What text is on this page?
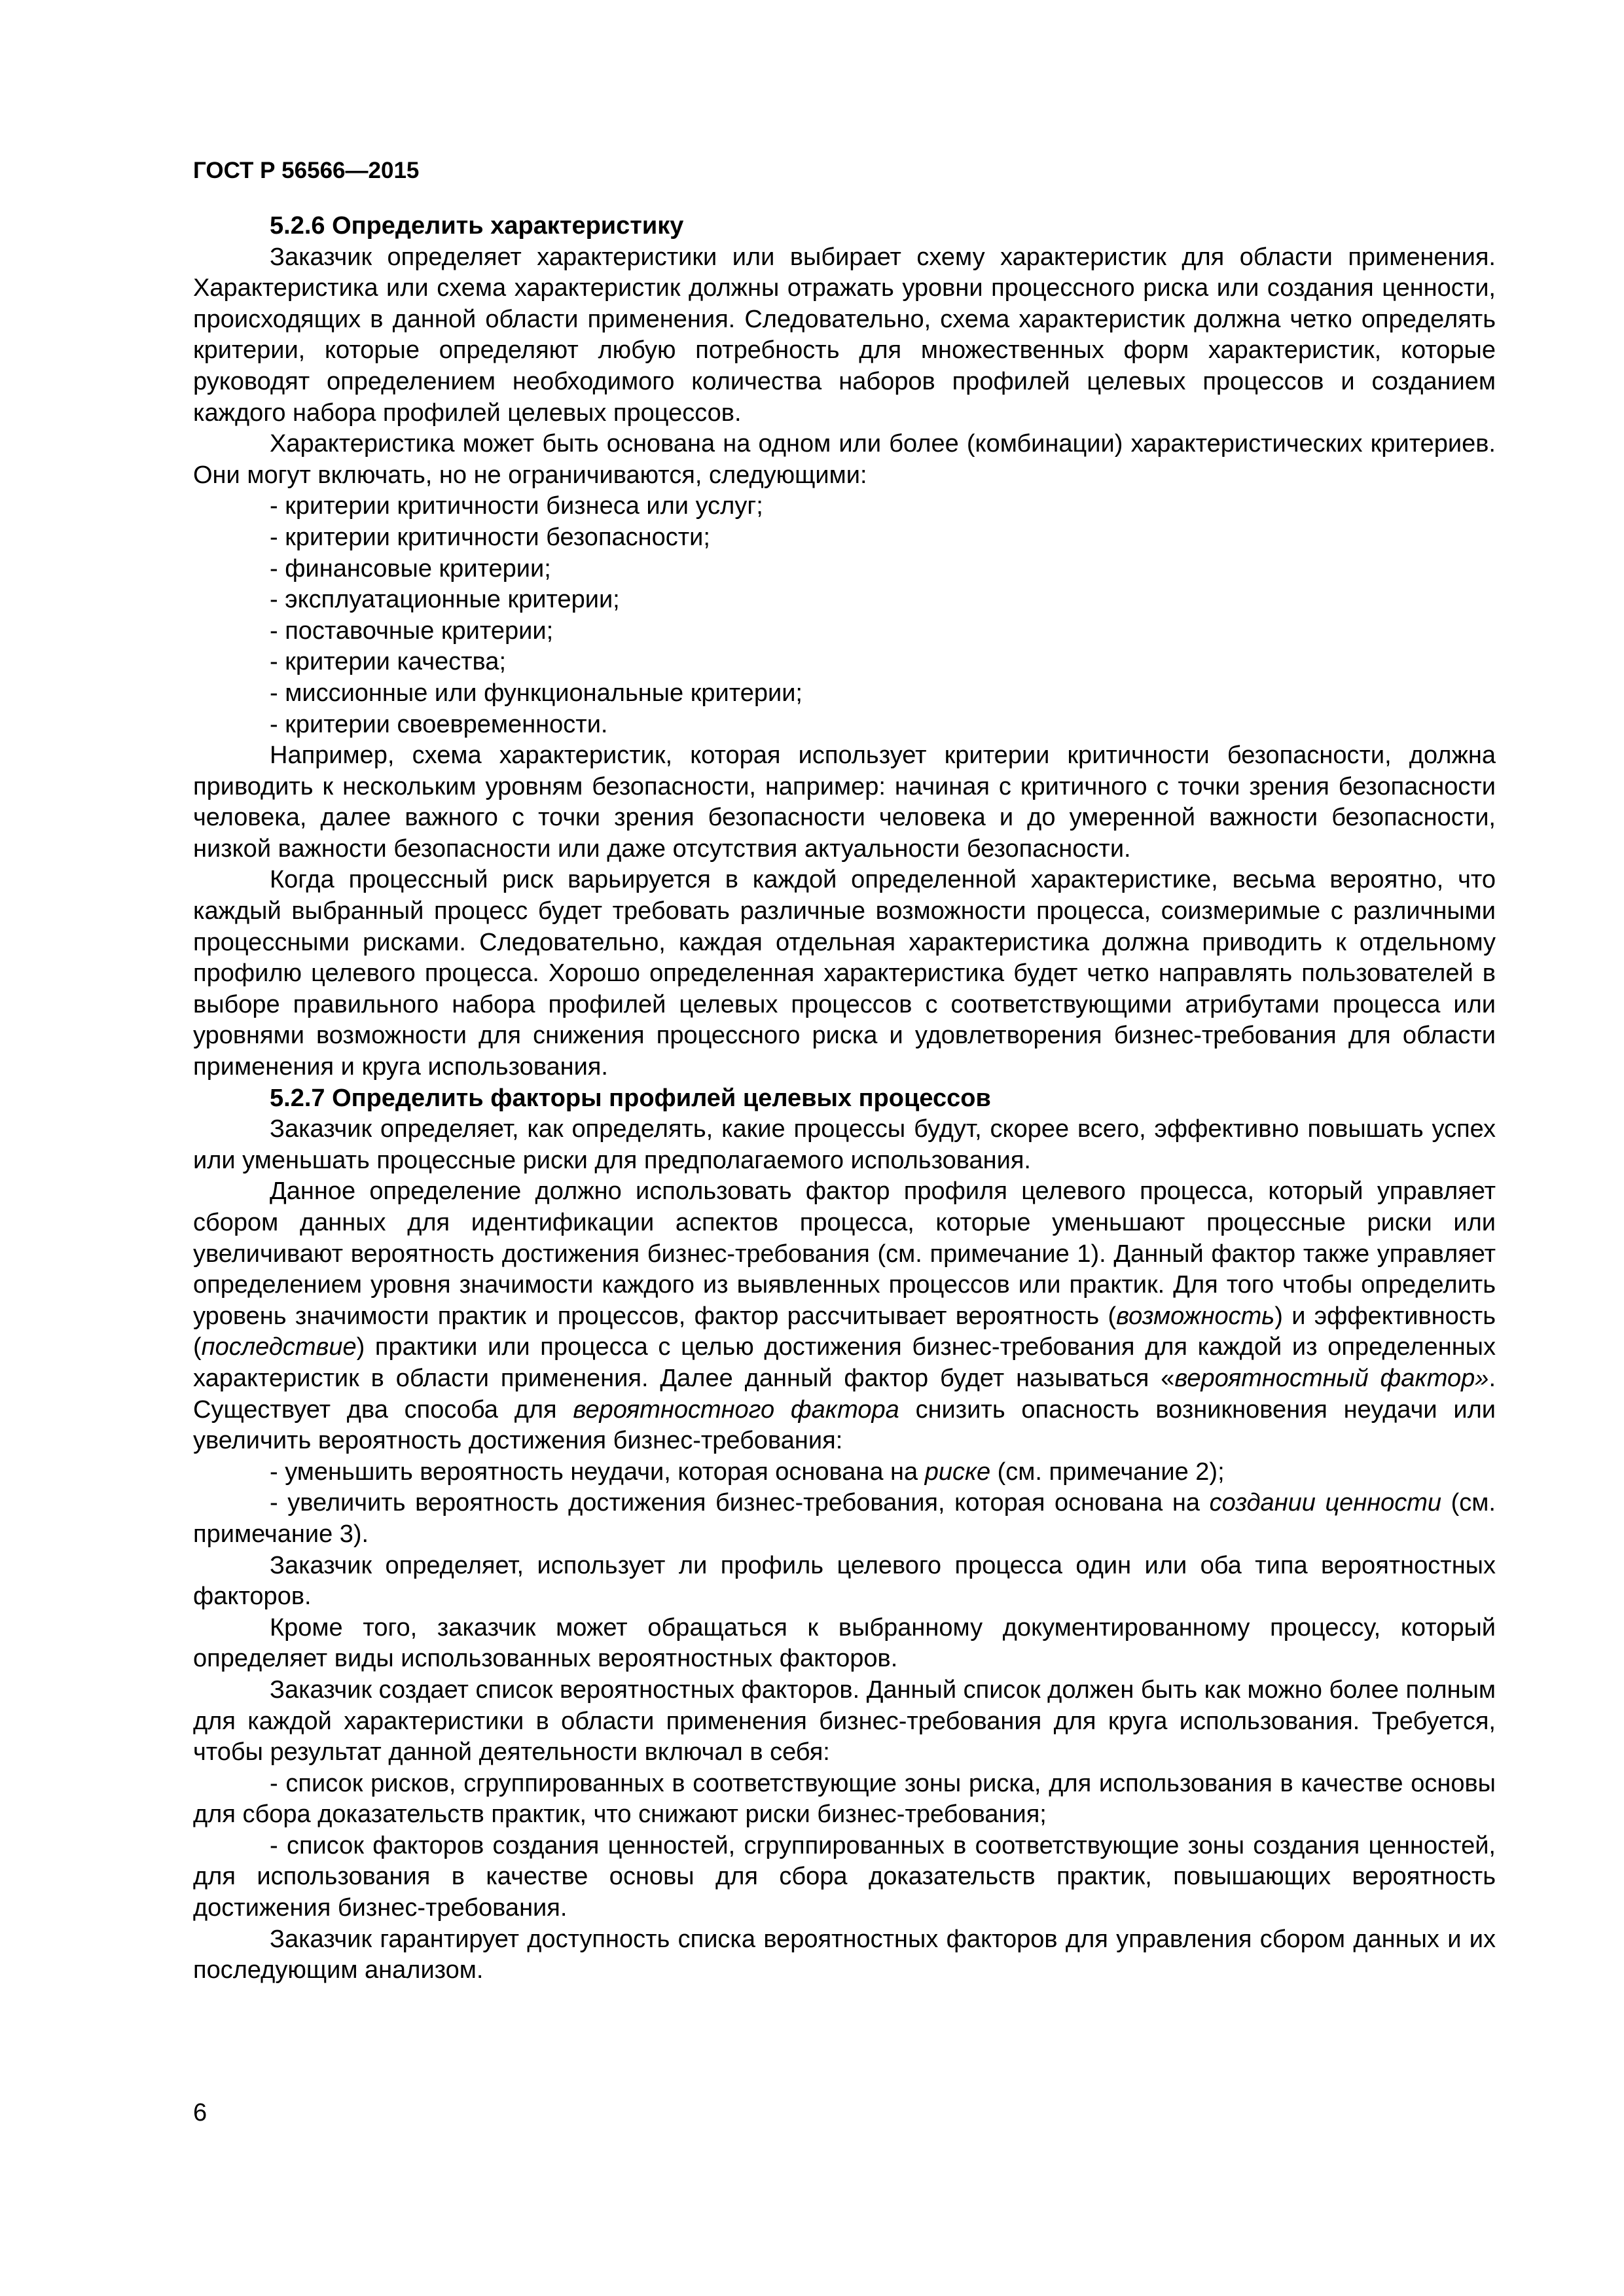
ГОСТ Р 56566—2015
5.2.6 Определить характеристику

Заказчик определяет характеристики или выбирает схему характеристик для области применения. Характеристика или схема характеристик должны отражать уровни процессного риска или создания ценности, происходящих в данной области применения. Следовательно, схема характеристик должна четко определять критерии, которые определяют любую потребность для множественных форм характеристик, которые руководят определением необходимого количества наборов профилей целевых процессов и созданием каждого набора профилей целевых процессов.

Характеристика может быть основана на одном или более (комбинации) характеристических критериев. Они могут включать, но не ограничиваются, следующими:

- критерии критичности бизнеса или услуг;
- критерии критичности безопасности;
- финансовые критерии;
- эксплуатационные критерии;
- поставочные критерии;
- критерии качества;
- миссионные или функциональные критерии;
- критерии своевременности.

Например, схема характеристик, которая использует критерии критичности безопасности, должна приводить к нескольким уровням безопасности, например: начиная с критичного с точки зрения безопасности человека, далее важного с точки зрения безопасности человека и до умеренной важности безопасности, низкой важности безопасности или даже отсутствия актуальности безопасности.

Когда процессный риск варьируется в каждой определенной характеристике, весьма вероятно, что каждый выбранный процесс будет требовать различные возможности процесса, соизмеримые с различными процессными рисками. Следовательно, каждая отдельная характеристика должна приводить к отдельному профилю целевого процесса. Хорошо определенная характеристика будет четко направлять пользователей в выборе правильного набора профилей целевых процессов с соответствующими атрибутами процесса или уровнями возможности для снижения процессного риска и удовлетворения бизнес-требования для области применения и круга использования.

5.2.7 Определить факторы профилей целевых процессов

Заказчик определяет, как определять, какие процессы будут, скорее всего, эффективно повышать успех или уменьшать процессные риски для предполагаемого использования.

Данное определение должно использовать фактор профиля целевого процесса, который управляет сбором данных для идентификации аспектов процесса, которые уменьшают процессные риски или увеличивают вероятность достижения бизнес-требования (см. примечание 1). Данный фактор также управляет определением уровня значимости каждого из выявленных процессов или практик. Для того чтобы определить уровень значимости практик и процессов, фактор рассчитывает вероятность (возможность) и эффективность (последствие) практики или процесса с целью достижения бизнес-требования для каждой из определенных характеристик в области применения. Далее данный фактор будет называться «вероятностный фактор». Существует два способа для вероятностного фактора снизить опасность возникновения неудачи или увеличить вероятность достижения бизнес-требования:

- уменьшить вероятность неудачи, которая основана на риске (см. примечание 2);

- увеличить вероятность достижения бизнес-требования, которая основана на создании ценности (см. примечание 3).

Заказчик определяет, использует ли профиль целевого процесса один или оба типа вероятностных факторов.

Кроме того, заказчик может обращаться к выбранному документированному процессу, который определяет виды использованных вероятностных факторов.

Заказчик создает список вероятностных факторов. Данный список должен быть как можно более полным для каждой характеристики в области применения бизнес-требования для круга использования. Требуется, чтобы результат данной деятельности включал в себя:

- список рисков, сгруппированных в соответствующие зоны риска, для использования в качестве основы для сбора доказательств практик, что снижают риски бизнес-требования;
- список факторов создания ценностей, сгруппированных в соответствующие зоны создания ценностей, для использования в качестве основы для сбора доказательств практик, повышающих вероятность достижения бизнес-требования.

Заказчик гарантирует доступность списка вероятностных факторов для управления сбором данных и их последующим анализом.

6
